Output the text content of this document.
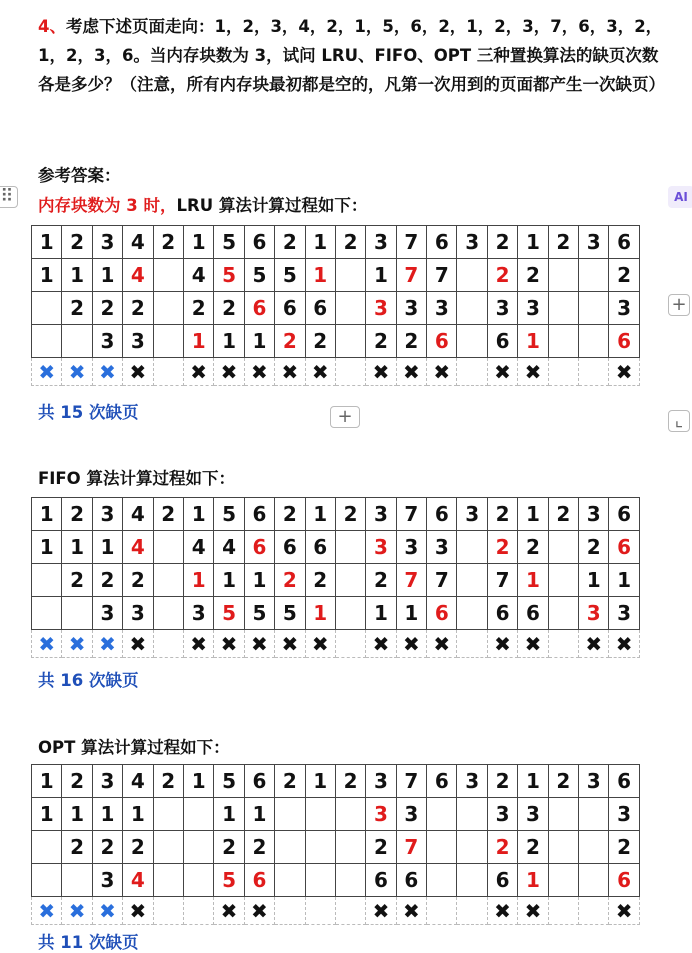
4、考虑下述页面走向：1，2，3，4，2，1，5，6，2，1，2，3，7，6，3，2，1，2，3，6。当内存块数为 3，试问 LRU、FIFO、OPT 三种置换算法的缺页次数各是多少？（注意，所有内存块最初都是空的，凡第一次用到的页面都产生一次缺页）
参考答案：
⠿	AI
+
+	⌞
内存块数为 3 时，LRU 算法计算过程如下：
1	2	3	4	2	1	5	6	2	1	2	3	7	6	3	2	1	2	3	6
1	1	1	4		4	5	5	5	1		1	7	7		2	2			2
	2	2	2		2	2	6	6	6		3	3	3		3	3			3
		3	3		1	1	1	2	2		2	2	6		6	1			6
✖	✖	✖	✖		✖	✖	✖	✖	✖		✖	✖	✖		✖	✖			✖
共 15 次缺页
FIFO 算法计算过程如下：
1	2	3	4	2	1	5	6	2	1	2	3	7	6	3	2	1	2	3	6
1	1	1	4		4	4	6	6	6		3	3	3		2	2		2	6
	2	2	2		1	1	1	2	2		2	7	7		7	1		1	1
		3	3		3	5	5	5	1		1	1	6		6	6		3	3
✖	✖	✖	✖		✖	✖	✖	✖	✖		✖	✖	✖		✖	✖		✖	✖
共 16 次缺页
OPT 算法计算过程如下：
1	2	3	4	2	1	5	6	2	1	2	3	7	6	3	2	1	2	3	6
1	1	1	1			1	1				3	3			3	3			3
	2	2	2			2	2				2	7			2	2			2
		3	4			5	6				6	6			6	1			6
✖	✖	✖	✖			✖	✖				✖	✖			✖	✖			✖
共 11 次缺页
